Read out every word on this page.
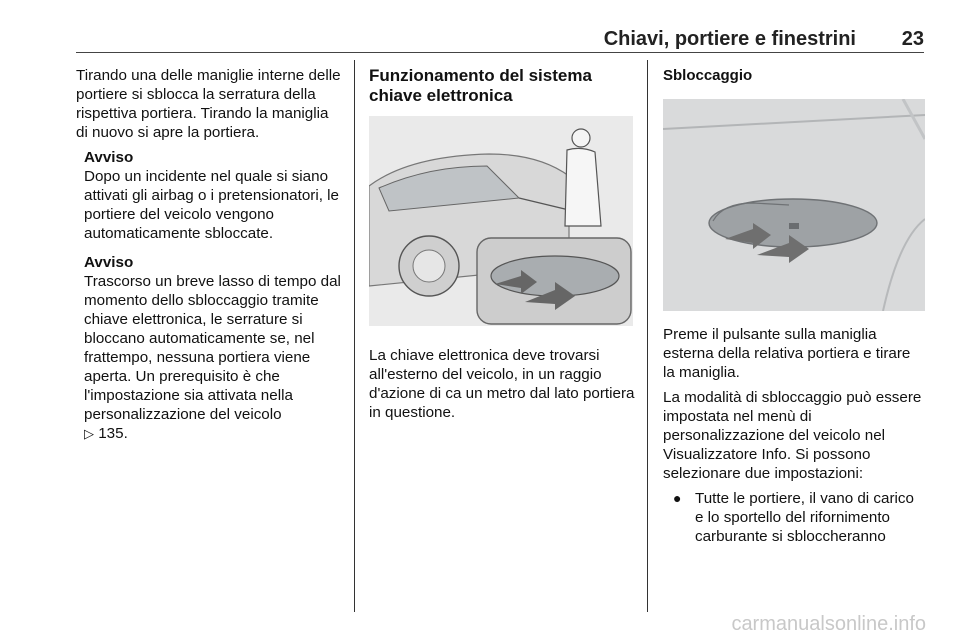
Chiavi, portiere e finestrini 23

Tirando una delle maniglie interne delle portiere si sblocca la serratura della rispettiva portiera. Tirando la maniglia di nuovo si apre la portiera.

Avviso
Dopo un incidente nel quale si siano attivati gli airbag o i pretensionatori, le portiere del veicolo vengono automaticamente sbloccate.
Avviso
Trascorso un breve lasso di tempo dal momento dello sbloccaggio tramite chiave elettronica, le serrature si bloccano automaticamente se, nel frattempo, nessuna portiera viene aperta. Un prerequisito è che l'impostazione sia attivata nella personalizzazione del veicolo
▷ 135.
Funzionamento del sistema chiave elettronica

La chiave elettronica deve trovarsi all'esterno del veicolo, in un raggio d'azione di ca un metro dal lato portiera in questione.

Sbloccaggio

Preme il pulsante sulla maniglia esterna della relativa portiera e tirare la maniglia.

La modalità di sbloccaggio può essere impostata nel menù di personalizzazione del veicolo nel Visualizzatore Info. Si possono selezionare due impostazioni:

● Tutte le portiere, il vano di carico e lo sportello del rifornimento carburante si sbloccheranno
carmanualsonline.info
